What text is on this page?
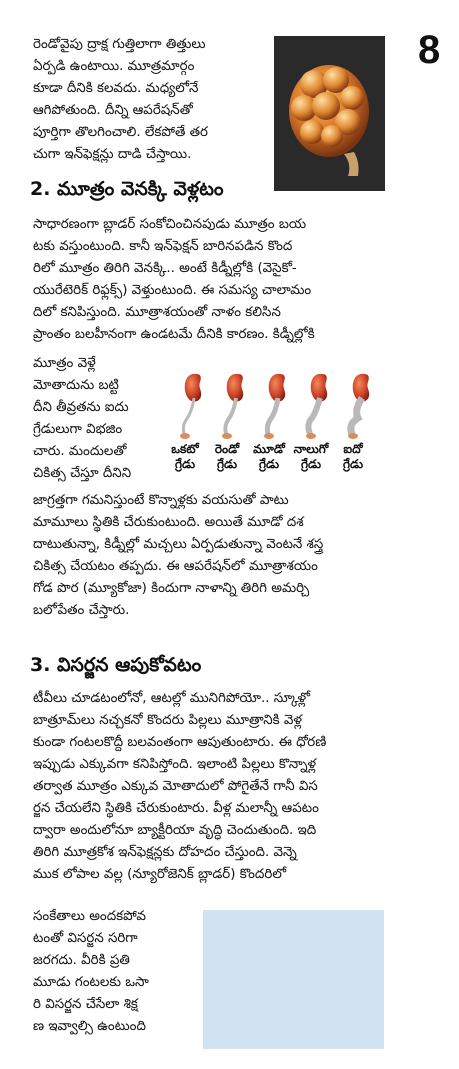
8
రెండోవైపు ద్రాక్ష గుత్తిలాగా తిత్తులు
ఏర్పడి ఉంటాయి. మూత్రమార్గం
కూడా దీనికి కలవదు. మధ్యలోనే
ఆగిపోతుంది. దీన్ని ఆపరేషన్‌తో
పూర్తిగా తొలగించాలి. లేకపోతే తర
చుగా ఇన్‌ఫెక్షన్లు దాడి చేస్తాయి.
2. మూత్రం వెనక్కి వెళ్లటం
సాధారణంగా బ్లాడర్ సంకోచించినపుడు మూత్రం బయ
టకు వస్తుంటుంది. కానీ ఇన్‌ఫెక్షన్ బారినపడిన కొంద
రిలో మూత్రం తిరిగి వెనక్కి.. అంటే కిడ్నీల్లోకి (వెసైకో-
యురేటెరిక్ రిఫ్లక్స్) వెళ్తుంటుంది. ఈ సమస్య చాలామం
దిలో కనిపిస్తుంది. మూత్రాశయంతో నాళం కలిసిన
ప్రాంతం బలహీనంగా ఉండటమే దీనికి కారణం. కిడ్నీల్లోకి
మూత్రం వెళ్లే
మోతాదును బట్టి
దీని తీవ్రతను ఐదు
గ్రేడులుగా విభజిం
చారు. మందులతో
చికిత్స చేస్తూ దీనిని
జాగ్రత్తగా గమనిస్తుంటే కొన్నాళ్లకు వయసుతో పాటు
మామూలు స్థితికి చేరుకుంటుంది. అయితే మూడో దశ
దాటుతున్నా, కిడ్నీల్లో మచ్చలు ఏర్పడుతున్నా వెంటనే శస్త్ర
చికిత్స చేయటం తప్పదు. ఈ ఆపరేషన్‌లో మూత్రాశయం
గోడ పొర (మ్యూకోజా) కిందుగా నాళాన్ని తిరిగి అమర్చి
బలోపేతం చేస్తారు.
ఒకటో
గ్రేడు
రెండో
గ్రేడు
మూడో
గ్రేడు
నాలుగో
గ్రేడు
ఐదో
గ్రేడు
3. విసర్జన ఆపుకోవటం
టీవీలు చూడటంలోనో, ఆటల్లో మునిగిపోయో.. స్కూళ్లో
బాత్రూమ్‌లు నచ్చకనో కొందరు పిల్లలు మూత్రానికి వెళ్ల
కుండా గంటలకొద్దీ బలవంతంగా ఆపుతుంటారు. ఈ ధోరణి
ఇప్పుడు ఎక్కువగా కనిపిస్తోంది. ఇలాంటి పిల్లలు కొన్నాళ్ల
తర్వాత మూత్రం ఎక్కువ మోతాదులో పోగైతేనే గానీ విస
ర్జన చేయలేని స్థితికి చేరుకుంటారు. వీళ్ల మలాన్నీ ఆపటం
ద్వారా అందులోనూ బ్యాక్టీరియా వృద్ధి చెందుతుంది. ఇది
తిరిగి మూత్రకోశ ఇన్‌ఫెక్షన్లకు దోహదం చేస్తుంది. వెన్నె
ముక లోపాల వల్ల (న్యూరోజెనిక్ బ్లాడర్) కొందరిలో
సంకేతాలు అందకపోవ
టంతో విసర్జన సరిగా
జరగదు. వీరికి ప్రతి
మూడు గంటలకు ఒసా
రి విసర్జన చేసేలా శిక్ష
ణ ఇవ్వాల్సి ఉంటుంది
